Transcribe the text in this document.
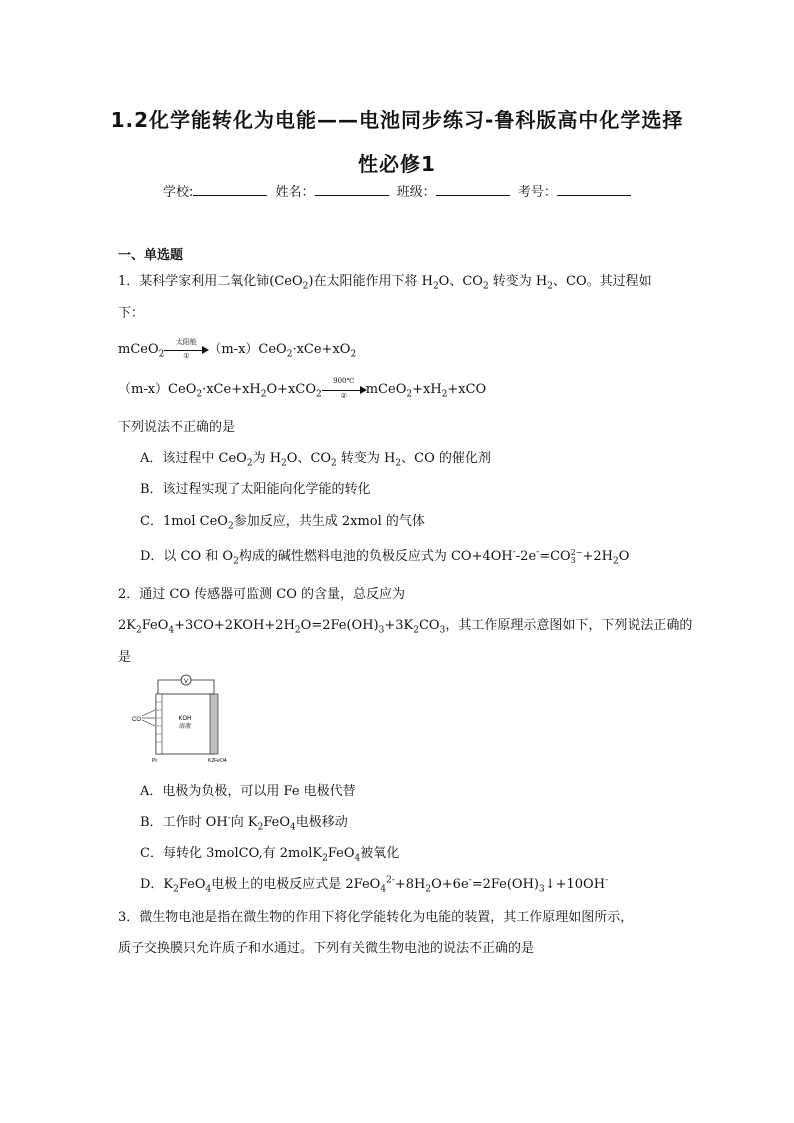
1.2化学能转化为电能——电池同步练习-鲁科版高中化学选择
性必修1
学校:	姓名：	班级：	考号：
一、单选题
1．某科学家利用二氧化铈(CeO$_2$)在太阳能作用下将 $H_2O$、$CO_2$ 转变为 $H_2$、CO。其过程如
下：
mCeO$_2$
太阳能
①	$(m-x)CeO_2\cdot xCe+xO_2$
$(m-x)CeO_2\cdot xCe+xH_2O+xCO_2$
900℃
②	$mCeO_2+xH_2+xCO$
下列说法不正确的是
A．该过程中 CeO$_2$为 $H_2O$、$CO_2$ 转变为 $H_2$、CO 的催化剂
B．该过程实现了太阳能向化学能的转化
C．1mol CeO$_2$参加反应，共生成 2xmol 的气体
D．以 CO 和 $O_2$构成的碱性燃料电池的负极反应式为 CO+4OH--2e-=CO 2−
$3 +2H_2O$
2．通过 CO 传感器可监测 CO 的含量，总反应为
$2K_2FeO_4+3CO+2KOH+2H_2O=2Fe(OH)_3+3K_2CO_3$，其工作原理示意图如下，下列说法正确的
是
V
CO	KOH
溶液
Pt	K2FeO4
A．电极为负极，可以用 Fe 电极代替
B．工作时 OH-向 $K_2FeO_4$电极移动
C．每转化 3molCO,有 2molK$_2$FeO$_4$被氧化
D．$K_2FeO_4$电极上的电极反应式是 $2FeO_4^{2-}+8H_2O+6e^-=2Fe(OH)_3↓+10OH^-$
3．微生物电池是指在微生物的作用下将化学能转化为电能的装置，其工作原理如图所示，
质子交换膜只允许质子和水通过。下列有关微生物电池的说法不正确的是
